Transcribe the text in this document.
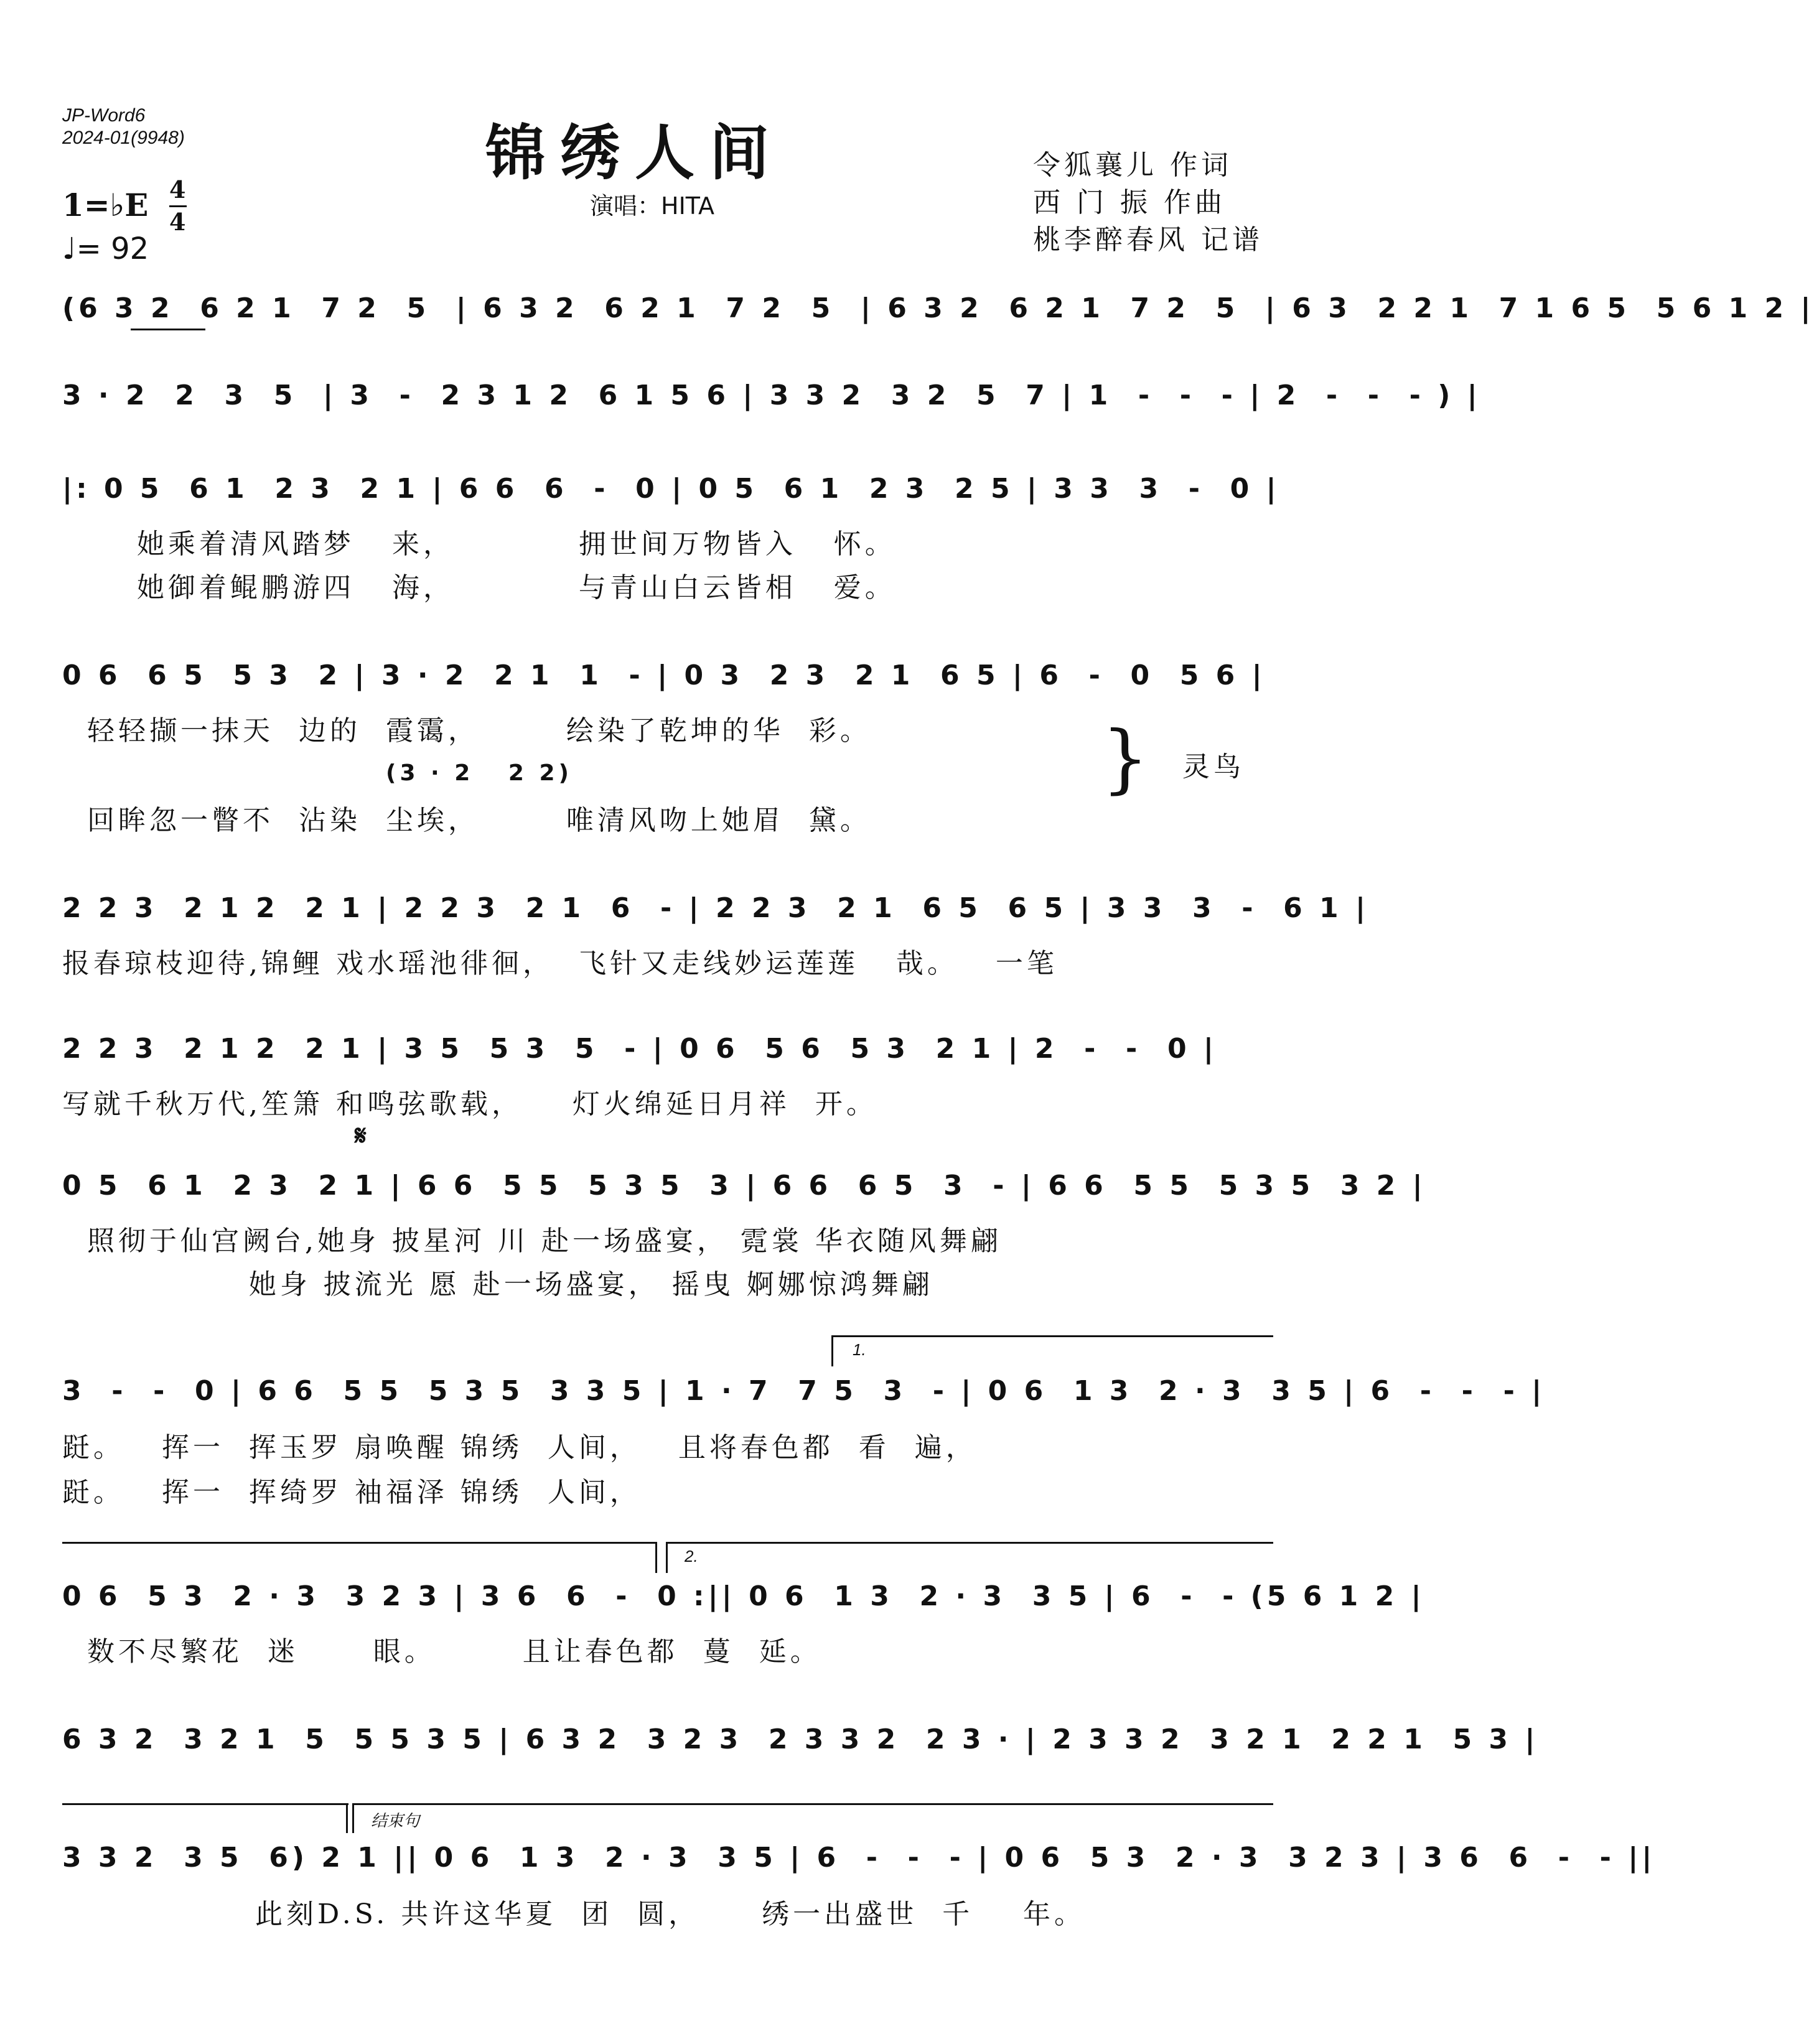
JP-Word6
2024-01(9948)	锦绣人间
演唱：HITA
1=♭E 4
4
♩= 92
令狐襄儿 作词
西 门 振 作曲
桃李醉春风 记谱
(6 3 2  6 2 1  7 2  5  | 6 3 2  6 2 1  7 2  5  | 6 3 2  6 2 1  7 2  5  | 6 3  2 2 1  7 1 6 5  5 6 1 2 |
3 · 2  2  3  5  | 3  -  2 3 1 2  6 1 5 6 | 3 3 2  3 2  5  7 | 1  -  -  - | 2  -  -  - ) |
|: 0 5  6 1  2 3  2 1 | 6 6  6  -  0 | 0 5  6 1  2 3  2 5 | 3 3  3  -  0 |
她乘着清风踏梦   来，          拥世间万物皆入   怀。
她御着鲲鹏游四   海，          与青山白云皆相   爱。
0 6  6 5  5 3  2 | 3 · 2  2 1  1  - | 0 3  2 3  2 1  6 5 | 6  -  0  5 6 |
轻轻撷一抹天  边的  霞霭，       绘染了乾坤的华  彩。
(3 · 2   2 2)
回眸忽一瞥不  沾染  尘埃，       唯清风吻上她眉  黛。
} 灵鸟
2 2 3  2 1 2  2 1 | 2 2 3  2 1  6  - | 2 2 3  2 1  6 5  6 5 | 3 3  3  -  6 1 |
报春琼枝迎待,锦鲤 戏水瑶池徘徊，  飞针又走线妙运莲莲   哉。   一笔
2 2 3  2 1 2  2 1 | 3 5  5 3  5  - | 0 6  5 6  5 3  2 1 | 2  -  -  0 |
写就千秋万代,笙箫 和鸣弦歌载，    灯火绵延日月祥  开。
𝄋
0 5  6 1  2 3  2 1 | 6 6  5 5  5 3 5  3 | 6 6  6 5  3  - | 6 6  5 5  5 3 5  3 2 |
照彻于仙宫阙台,她身 披星河 川 赴一场盛宴， 霓裳 华衣随风舞翩
她身 披流光 愿 赴一场盛宴， 摇曳 婀娜惊鸿舞翩
1.
3  -  -  0 | 6 6  5 5  5 3 5  3 3 5 | 1 · 7  7 5  3  - | 0 6  1 3  2 · 3  3 5 | 6  -  -  - |
跹。   挥一  挥玉罗 扇唤醒 锦绣  人间，   且将春色都  看  遍，
跹。   挥一  挥绮罗 袖福泽 锦绣  人间，
2.
0 6  5 3  2 · 3  3 2 3 | 3 6  6  -  0 :|| 0 6  1 3  2 · 3  3 5 | 6  -  - (5 6 1 2 |
数不尽繁花  迷      眼。       且让春色都  蔓  延。
6 3 2  3 2 1  5  5 5 3 5 | 6 3 2  3 2 3  2 3 3 2  2 3 · | 2 3 3 2  3 2 1  2 2 1  5 3 |
结束句
3 3 2  3 5  6) 2 1 || 0 6  1 3  2 · 3  3 5 | 6  -  -  - | 0 6  5 3  2 · 3  3 2 3 | 3 6  6  -  - ||
此刻D.S. 共许这华夏  团  圆，     绣一出盛世  千    年。
